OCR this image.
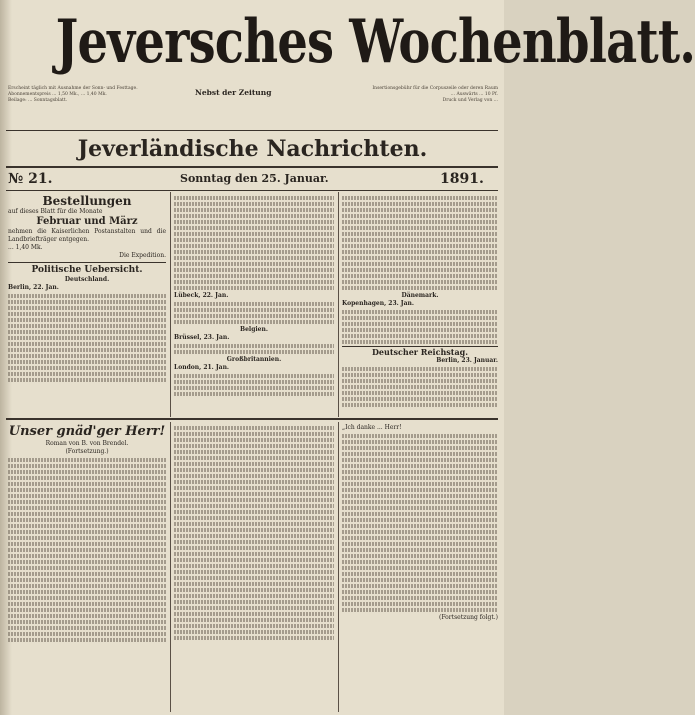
Jeversches Wochenblatt.
Erscheint täglich mit Ausnahme der Sonn- und Festtage.
Abonnementspreis ... 1,50 Mk., ... 1,40 Mk.
Beilage: ... Sonntagsblatt.
Nebst der Zeitung	Insertionsgebühr für die Corpuszeile oder deren Raum
... Auswärts ... 10 Pf.
Druck und Verlag von ...
Jeverländische Nachrichten.
№ 21.	Sonntag den 25. Januar.	1891.
Bestellungen
auf dieses Blatt für die Monate
Februar und März
nehmen die Kaiserlichen Postanstalten und die Landbriefträger entgegen.
... 1,40 Mk.
Die Expedition.
Politische Uebersicht.
Deutschland.
Berlin, 22. Jan.
Lübeck, 22. Jan.
Belgien.
Brüssel, 23. Jan.
Großbritannien.
London, 21. Jan.
Dänemark.
Kopenhagen, 23. Jan.
Deutscher Reichstag.
Berlin, 23. Januar.
Unser gnäd'ger Herr!
Roman von B. von Brendel.
(Fortsetzung.)
„Ich danke ... Herr!
(Fortsetzung folgt.)
